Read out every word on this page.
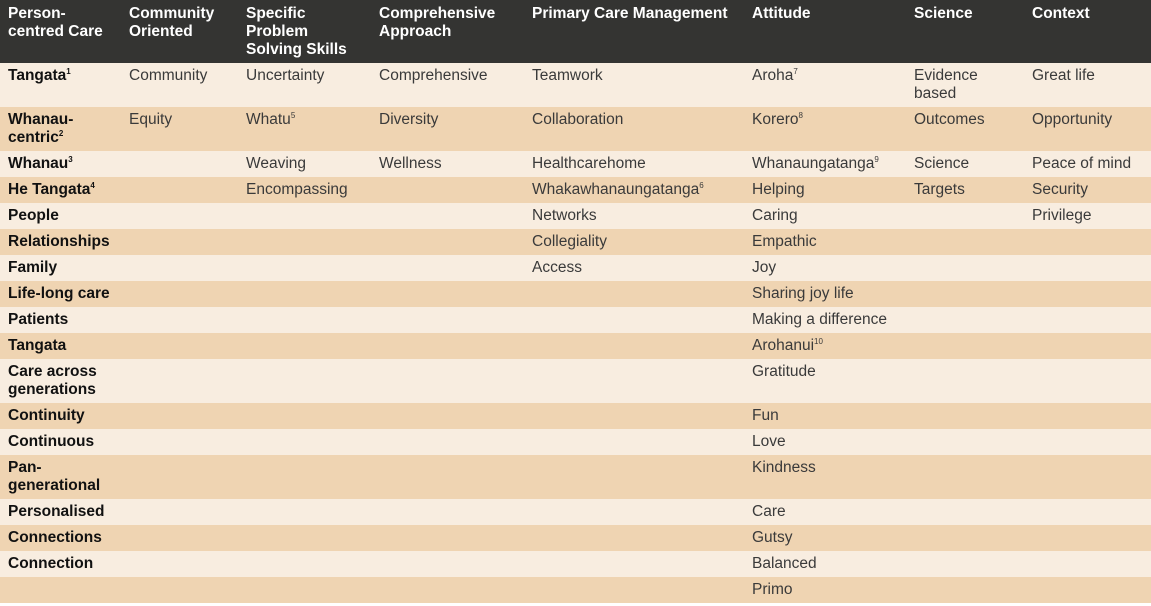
Person-centred Care	Community Oriented	Specific Problem Solving Skills	Comprehensive Approach	Primary Care Management	Attitude	Science	Context
Tangata$^1$	Community	Uncertainty	Comprehensive	Teamwork	Aroha$^7$	Evidence based	Great life
Whanau-centric$^2$	Equity	Whatu$^5$	Diversity	Collaboration	Korero$^8$	Outcomes	Opportunity
Whanau$^3$		Weaving	Wellness	Healthcarehome	Whanaungatanga$^9$	Science	Peace of mind
He Tangata$^4$		Encompassing		Whakawhanaungatanga$^6$	Helping	Targets	Security
People				Networks	Caring		Privilege
Relationships				Collegiality	Empathic		
Family				Access	Joy		
Life-long care					Sharing joy life		
Patients					Making a difference		
Tangata					Arohanui$^{10}$		
Care across generations					Gratitude		
Continuity					Fun		
Continuous					Love		
Pan-generational					Kindness		
Personalised					Care		
Connections					Gutsy		
Connection					Balanced		
					Primo		
